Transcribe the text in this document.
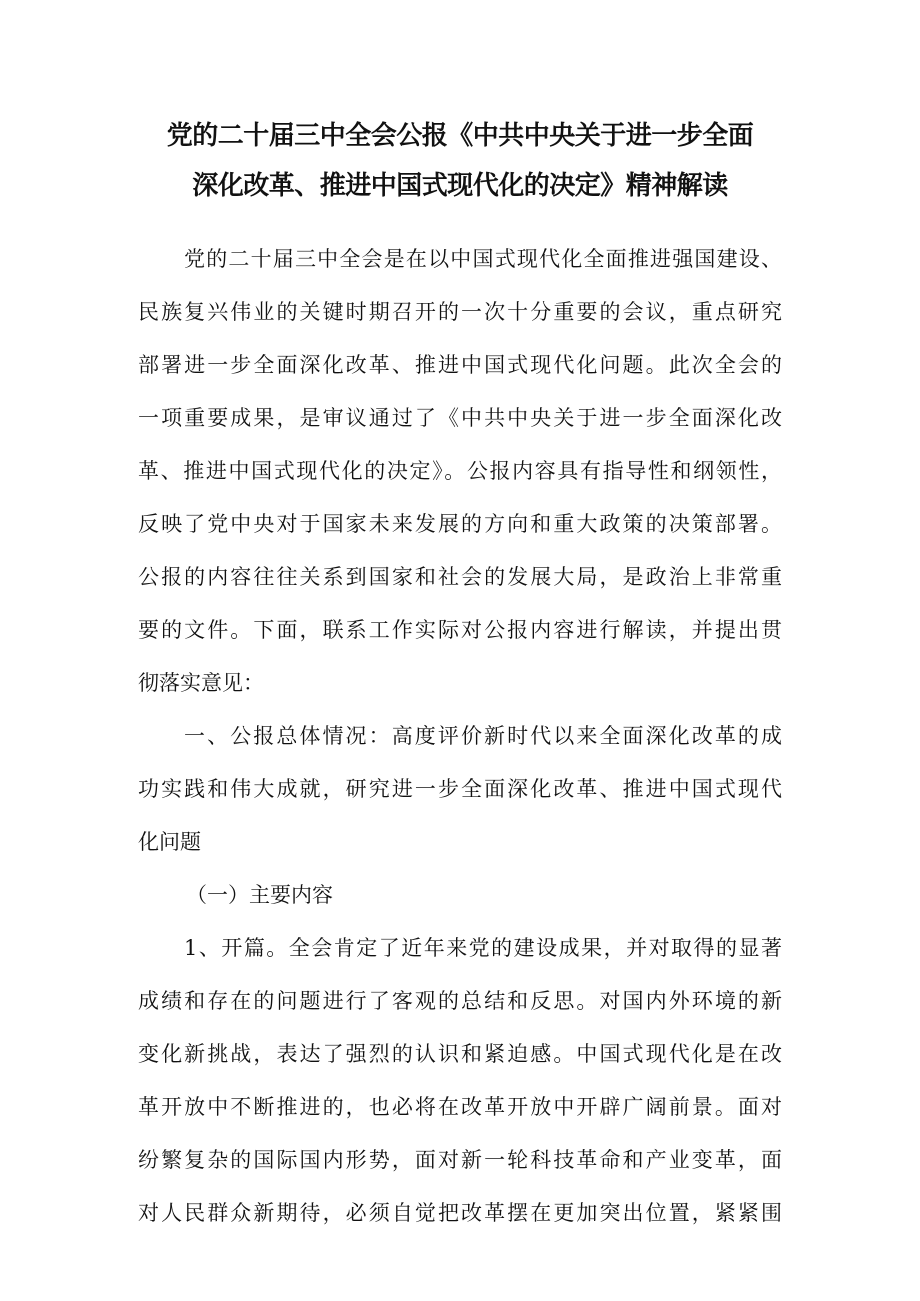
党的二十届三中全会公报《中共中央关于进一步全面
深化改革、推进中国式现代化的决定》精神解读
党的二十届三中全会是在以中国式现代化全面推进强国建设、
民族复兴伟业的关键时期召开的一次十分重要的会议，重点研究
部署进一步全面深化改革、推进中国式现代化问题。此次全会的
一项重要成果，是审议通过了《中共中央关于进一步全面深化改
革、推进中国式现代化的决定》。公报内容具有指导性和纲领性，
反映了党中央对于国家未来发展的方向和重大政策的决策部署。
公报的内容往往关系到国家和社会的发展大局，是政治上非常重
要的文件。下面，联系工作实际对公报内容进行解读，并提出贯
彻落实意见：
一、公报总体情况：高度评价新时代以来全面深化改革的成
功实践和伟大成就，研究进一步全面深化改革、推进中国式现代
化问题
（一）主要内容
1、开篇。全会肯定了近年来党的建设成果，并对取得的显著
成绩和存在的问题进行了客观的总结和反思。对国内外环境的新
变化新挑战，表达了强烈的认识和紧迫感。中国式现代化是在改
革开放中不断推进的，也必将在改革开放中开辟广阔前景。面对
纷繁复杂的国际国内形势，面对新一轮科技革命和产业变革，面
对人民群众新期待，必须自觉把改革摆在更加突出位置，紧紧围
